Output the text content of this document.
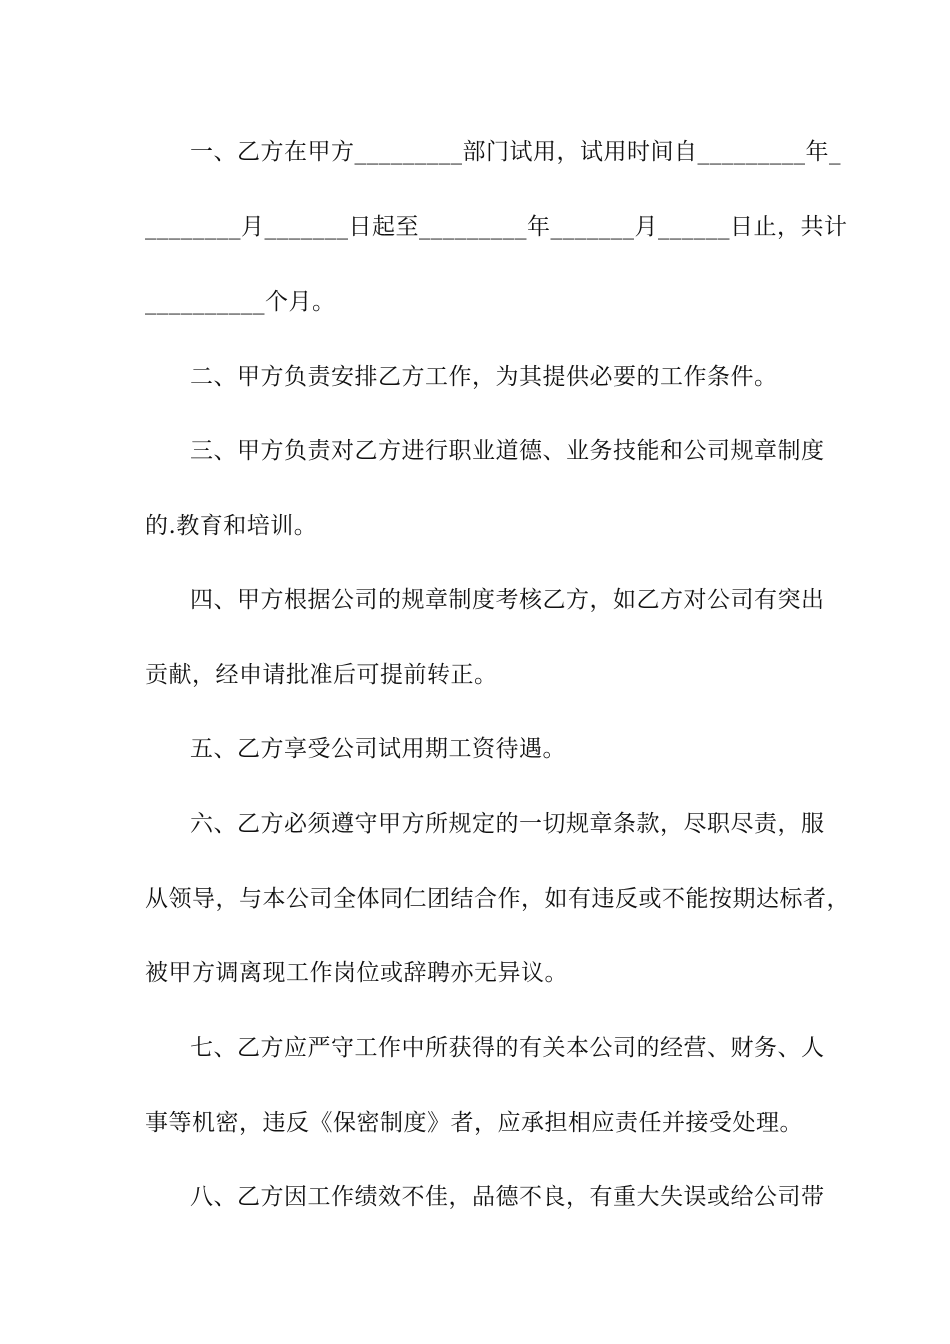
一、乙方在甲方_________部门试用，试用时间自_________年_
________月_______日起至_________年_______月______日止，共计
__________个月。
二、甲方负责安排乙方工作，为其提供必要的工作条件。
三、甲方负责对乙方进行职业道德、业务技能和公司规章制度
的.教育和培训。
四、甲方根据公司的规章制度考核乙方，如乙方对公司有突出
贡献，经申请批准后可提前转正。
五、乙方享受公司试用期工资待遇。
六、乙方必须遵守甲方所规定的一切规章条款，尽职尽责，服
从领导，与本公司全体同仁团结合作，如有违反或不能按期达标者，
被甲方调离现工作岗位或辞聘亦无异议。
七、乙方应严守工作中所获得的有关本公司的经营、财务、人
事等机密，违反《保密制度》者，应承担相应责任并接受处理。
八、乙方因工作绩效不佳，品德不良，有重大失误或给公司带
